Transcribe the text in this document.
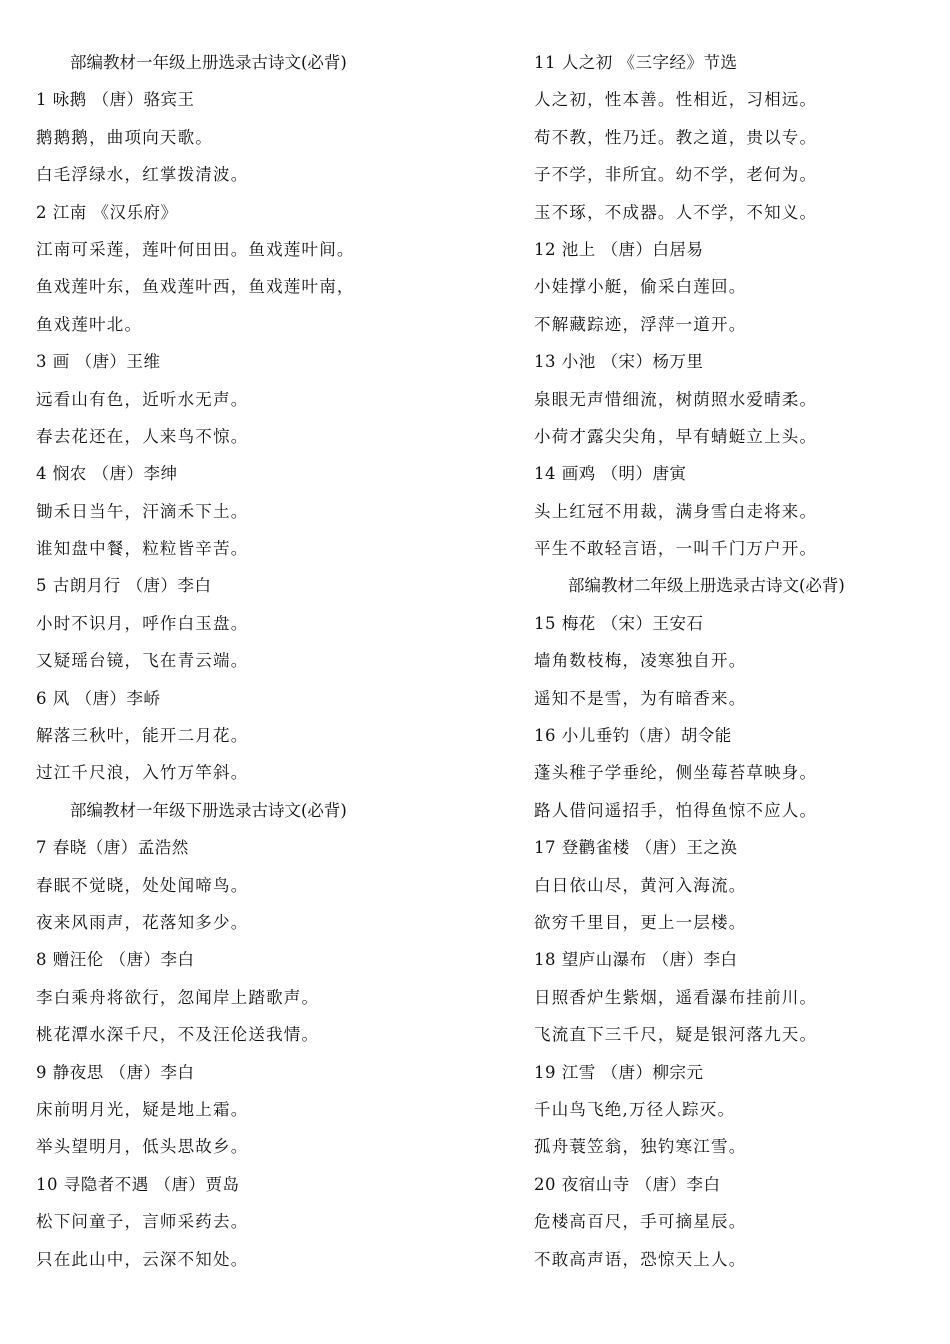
部编教材一年级上册选录古诗文(必背)
1 咏鹅 （唐）骆宾王
鹅鹅鹅，曲项向天歌。
白毛浮绿水，红掌拨清波。
2 江南 《汉乐府》
江南可采莲，莲叶何田田。鱼戏莲叶间。
鱼戏莲叶东，鱼戏莲叶西，鱼戏莲叶南，
鱼戏莲叶北。
3 画 （唐）王维
远看山有色，近听水无声。
春去花还在，人来鸟不惊。
4 悯农 （唐）李绅
锄禾日当午，汗滴禾下土。
谁知盘中餐，粒粒皆辛苦。
5 古朗月行 （唐）李白
小时不识月，呼作白玉盘。
又疑瑶台镜，飞在青云端。
6 风 （唐）李峤
解落三秋叶，能开二月花。
过江千尺浪，入竹万竿斜。
部编教材一年级下册选录古诗文(必背)
7 春晓（唐）孟浩然
春眠不觉晓，处处闻啼鸟。
夜来风雨声，花落知多少。
8 赠汪伦 （唐）李白
李白乘舟将欲行，忽闻岸上踏歌声。
桃花潭水深千尺，不及汪伦送我情。
9 静夜思 （唐）李白
床前明月光，疑是地上霜。
举头望明月，低头思故乡。
10 寻隐者不遇 （唐）贾岛
松下问童子，言师采药去。
只在此山中，云深不知处。
11 人之初 《三字经》节选
人之初，性本善。性相近，习相远。
苟不教，性乃迁。教之道，贵以专。
子不学，非所宜。幼不学，老何为。
玉不琢，不成器。人不学，不知义。
12 池上 （唐）白居易
小娃撑小艇，偷采白莲回。
不解藏踪迹，浮萍一道开。
13 小池 （宋）杨万里
泉眼无声惜细流，树荫照水爱晴柔。
小荷才露尖尖角，早有蜻蜓立上头。
14 画鸡 （明）唐寅
头上红冠不用裁，满身雪白走将来。
平生不敢轻言语，一叫千门万户开。
部编教材二年级上册选录古诗文(必背)
15 梅花 （宋）王安石
墙角数枝梅，凌寒独自开。
遥知不是雪，为有暗香来。
16 小儿垂钓（唐）胡令能
蓬头稚子学垂纶，侧坐莓苔草映身。
路人借问遥招手，怕得鱼惊不应人。
17 登鹳雀楼 （唐）王之涣
白日依山尽，黄河入海流。
欲穷千里目，更上一层楼。
18 望庐山瀑布 （唐）李白
日照香炉生紫烟，遥看瀑布挂前川。
飞流直下三千尺，疑是银河落九天。
19 江雪 （唐）柳宗元
千山鸟飞绝,万径人踪灭。
孤舟蓑笠翁，独钓寒江雪。
20 夜宿山寺 （唐）李白
危楼高百尺，手可摘星辰。
不敢高声语，恐惊天上人。
